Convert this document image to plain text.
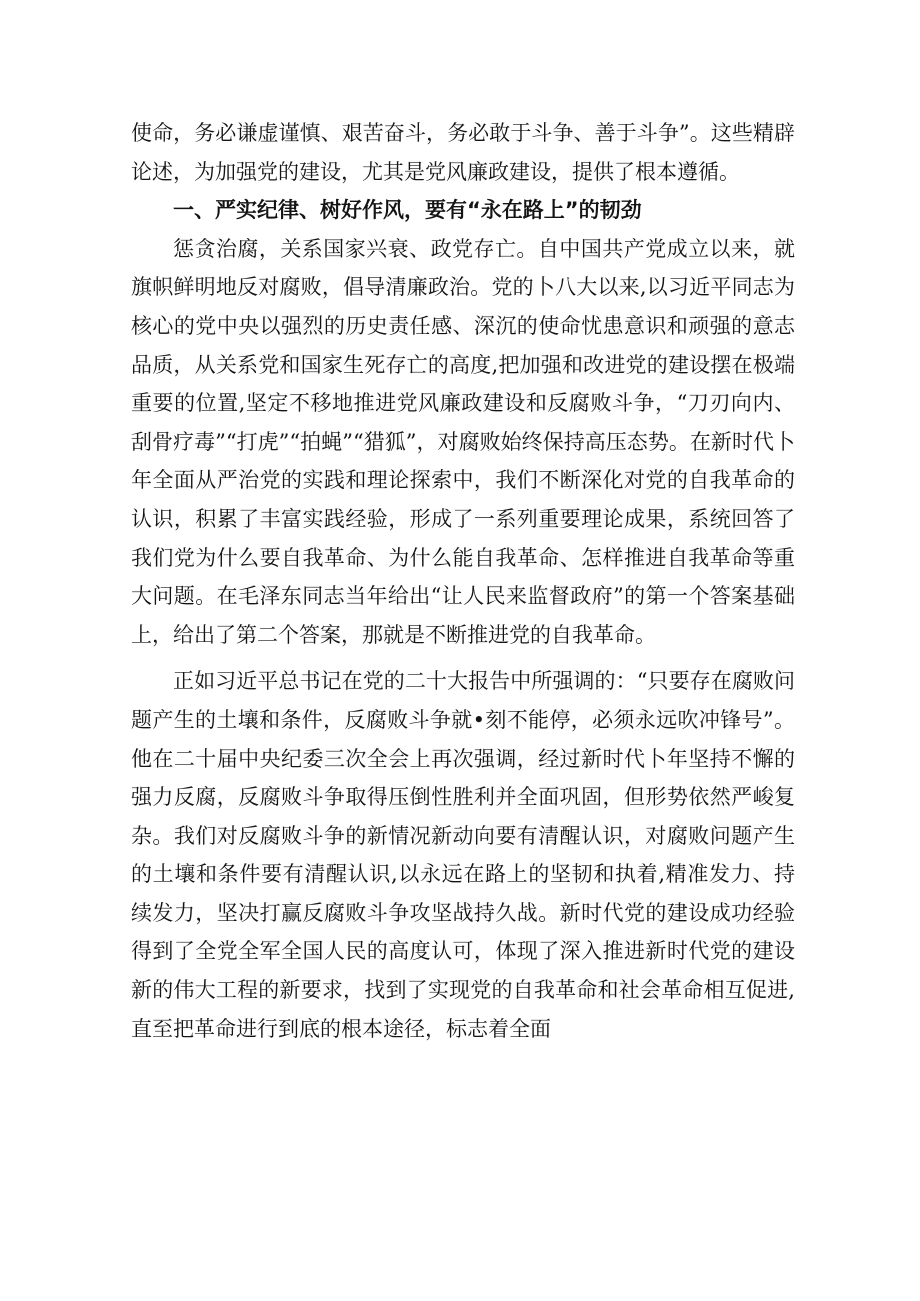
使命，务必谦虚谨慎、艰苦奋斗，务必敢于斗争、善于斗争”。这些精辟论述，为加强党的建设，尤其是党风廉政建设，提供了根本遵循。

一、严实纪律、树好作风，要有“永在路上”的韧劲

惩贪治腐，关系国家兴衰、政党存亡。自中国共产党成立以来，就旗帜鲜明地反对腐败，倡导清廉政治。党的卜八大以来,以习近平同志为核心的党中央以强烈的历史责任感、深沉的使命忧患意识和顽强的意志品质，从关系党和国家生死存亡的高度,把加强和改进党的建设摆在极端重要的位置,坚定不移地推进党风廉政建设和反腐败斗争，“刀刃向内、刮骨疗毒”“打虎”“拍蝇”“猎狐”，对腐败始终保持高压态势。在新时代卜年全面从严治党的实践和理论探索中，我们不断深化对党的自我革命的认识，积累了丰富实践经验，形成了一系列重要理论成果，系统回答了我们党为什么要自我革命、为什么能自我革命、怎样推进自我革命等重大问题。在毛泽东同志当年给出“让人民来监督政府”的第一个答案基础上，给出了第二个答案，那就是不断推进党的自我革命。

正如习近平总书记在党的二十大报告中所强调的：“只要存在腐败问题产生的土壤和条件，反腐败斗争就•刻不能停，必须永远吹冲锋号”。他在二十届中央纪委三次全会上再次强调，经过新时代卜年坚持不懈的强力反腐，反腐败斗争取得压倒性胜利并全面巩固，但形势依然严峻复杂。我们对反腐败斗争的新情况新动向要有清醒认识，对腐败问题产生的土壤和条件要有清醒认识,以永远在路上的坚韧和执着,精准发力、持续发力，坚决打赢反腐败斗争攻坚战持久战。新时代党的建设成功经验得到了全党全军全国人民的高度认可，体现了深入推进新时代党的建设新的伟大工程的新要求，找到了实现党的自我革命和社会革命相互促进,直至把革命进行到底的根本途径，标志着全面
